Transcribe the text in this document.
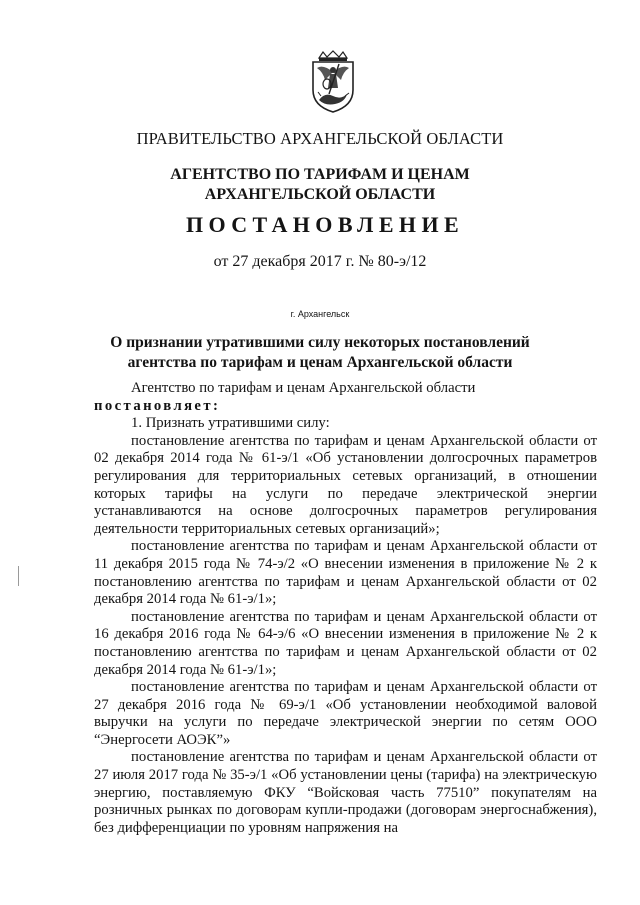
ПРАВИТЕЛЬСТВО АРХАНГЕЛЬСКОЙ ОБЛАСТИ
АГЕНТСТВО ПО ТАРИФАМ И ЦЕНАМ
АРХАНГЕЛЬСКОЙ ОБЛАСТИ
ПОСТАНОВЛЕНИЕ
от 27 декабря 2017 г. № 80-э/12
г. Архангельск
О признании утратившими силу некоторых постановлений
агентства по тарифам и ценам Архангельской области

Агентство по тарифам и ценам Архангельской области постановляет:

1. Признать утратившими силу:

постановление агентства по тарифам и ценам Архангельской области от 02 декабря 2014 года № 61-э/1 «Об установлении долгосрочных параметров регулирования для территориальных сетевых организаций, в отношении которых тарифы на услуги по передаче электрической энергии устанавливаются на основе долгосрочных параметров регулирования деятельности территориальных сетевых организаций»;

постановление агентства по тарифам и ценам Архангельской области от 11 декабря 2015 года № 74-э/2 «О внесении изменения в приложение № 2 к постановлению агентства по тарифам и ценам Архангельской области от 02 декабря 2014 года № 61-э/1»;

постановление агентства по тарифам и ценам Архангельской области от 16 декабря 2016 года № 64-э/6 «О внесении изменения в приложение № 2 к постановлению агентства по тарифам и ценам Архангельской области от 02 декабря 2014 года № 61-э/1»;

постановление агентства по тарифам и ценам Архангельской области от 27 декабря 2016 года № 69-э/1 «Об установлении необходимой валовой выручки на услуги по передаче электрической энергии по сетям ООО “Энергосети АОЭК”»

постановление агентства по тарифам и ценам Архангельской области от 27 июля 2017 года № 35-э/1 «Об установлении цены (тарифа) на электрическую энергию, поставляемую ФКУ “Войсковая часть 77510” покупателям на розничных рынках по договорам купли-продажи (договорам энергоснабжения), без дифференциации по уровням напряжения на
